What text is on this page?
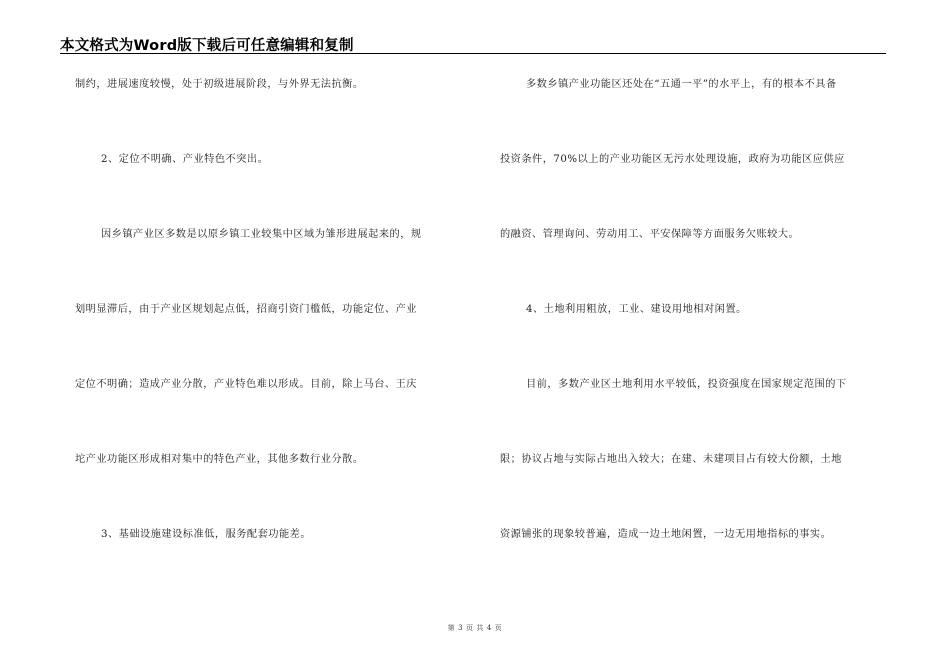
本文格式为Word版下载后可任意编辑和复制
制约，进展速度较慢，处于初级进展阶段，与外界无法抗衡。
2、定位不明确、产业特色不突出。
因乡镇产业区多数是以原乡镇工业较集中区域为雏形进展起来的，规
划明显滞后，由于产业区规划起点低，招商引资门槛低，功能定位、产业
定位不明确；造成产业分散，产业特色难以形成。目前，除上马台、王庆
坨产业功能区形成相对集中的特色产业，其他多数行业分散。
3、基础设施建设标准低，服务配套功能差。
多数乡镇产业功能区还处在“五通一平”的水平上，有的根本不具备
投资条件，70%以上的产业功能区无污水处理设施，政府为功能区应供应
的融资、管理询问、劳动用工、平安保障等方面服务欠账较大。
4、土地利用粗放，工业、建设用地相对闲置。
目前，多数产业区土地利用水平较低，投资强度在国家规定范围的下
限；协议占地与实际占地出入较大；在建、未建项目占有较大份额，土地
资源铺张的现象较普遍，造成一边土地闲置，一边无用地指标的事实。
第 3 页 共 4 页
